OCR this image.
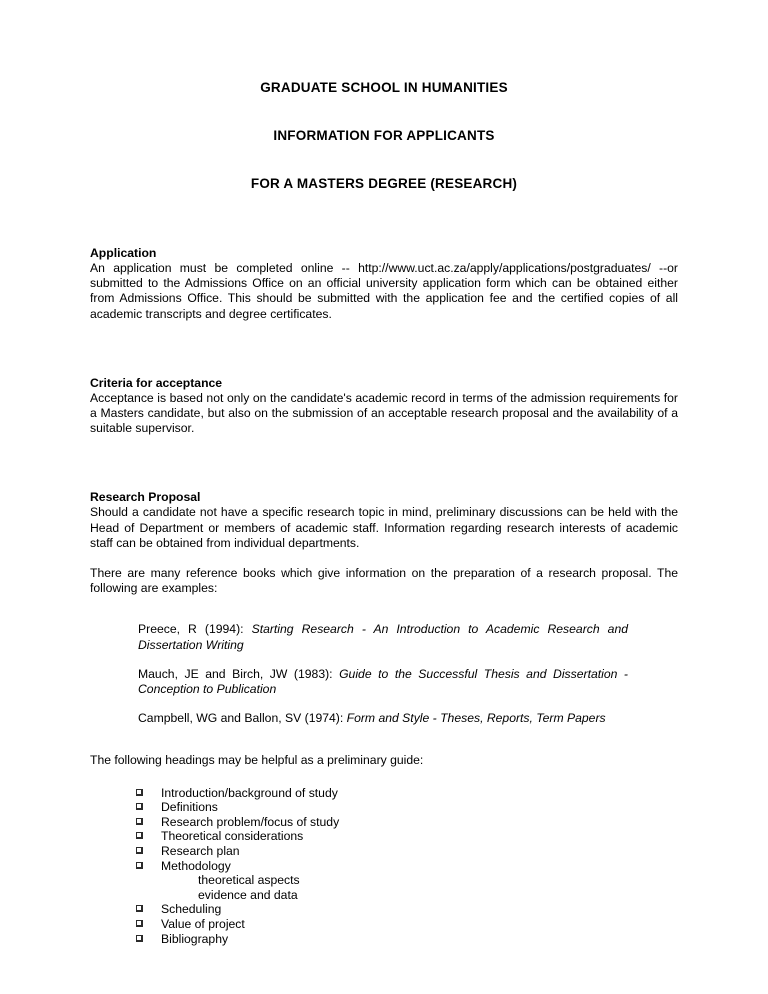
GRADUATE SCHOOL IN HUMANITIES
INFORMATION FOR APPLICANTS
FOR A MASTERS DEGREE (RESEARCH)
Application
An application must be completed online -- http://www.uct.ac.za/apply/applications/postgraduates/ --or submitted to the Admissions Office on an official university application form which can be obtained either from Admissions Office. This should be submitted with the application fee and the certified copies of all academic transcripts and degree certificates.
Criteria for acceptance
Acceptance is based not only on the candidate's academic record in terms of the admission requirements for a Masters candidate, but also on the submission of an acceptable research proposal and the availability of a suitable supervisor.
Research Proposal
Should a candidate not have a specific research topic in mind, preliminary discussions can be held with the Head of Department or members of academic staff. Information regarding research interests of academic staff can be obtained from individual departments.
There are many reference books which give information on the preparation of a research proposal. The following are examples:
Preece, R (1994): Starting Research - An Introduction to Academic Research and Dissertation Writing
Mauch, JE and Birch, JW (1983): Guide to the Successful Thesis and Dissertation - Conception to Publication
Campbell, WG and Ballon, SV (1974): Form and Style - Theses, Reports, Term Papers
The following headings may be helpful as a preliminary guide:
Introduction/background of study
Definitions
Research problem/focus of study
Theoretical considerations
Research plan
Methodology
theoretical aspects
evidence and data
Scheduling
Value of project
Bibliography
